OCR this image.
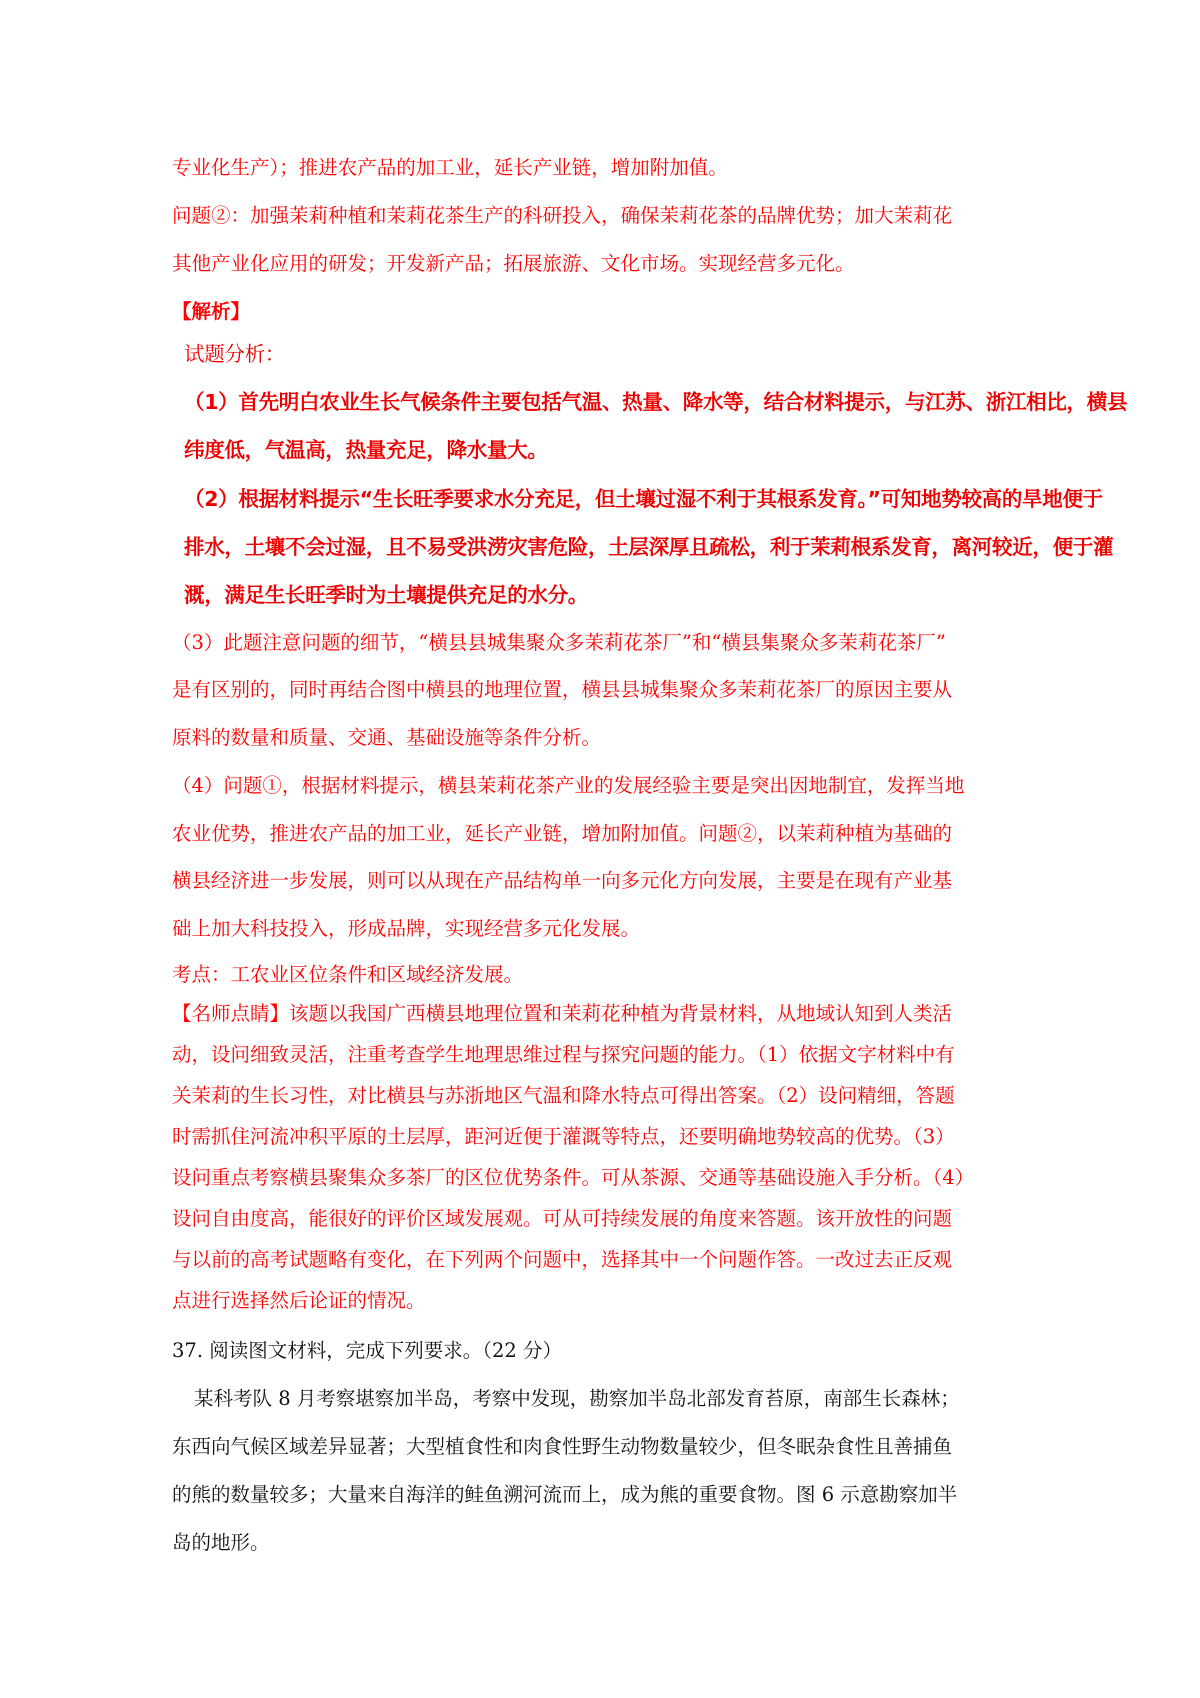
专业化生产）；推进农产品的加工业，延长产业链，增加附加值。
问题②：加强茉莉种植和茉莉花茶生产的科研投入，确保茉莉花茶的品牌优势；加大茉莉花
其他产业化应用的研发；开发新产品；拓展旅游、文化市场。实现经营多元化。
【解析】
试题分析：
（1）首先明白农业生长气候条件主要包括气温、热量、降水等，结合材料提示，与江苏、浙江相比，横县
纬度低，气温高，热量充足，降水量大。
（2）根据材料提示“生长旺季要求水分充足，但土壤过湿不利于其根系发育。”可知地势较高的旱地便于
排水，土壤不会过湿，且不易受洪涝灾害危险，土层深厚且疏松，利于茉莉根系发育，离河较近，便于灌
溉，满足生长旺季时为土壤提供充足的水分。
（3）此题注意问题的细节，“横县县城集聚众多茉莉花茶厂”和“横县集聚众多茉莉花茶厂”
是有区别的，同时再结合图中横县的地理位置，横县县城集聚众多茉莉花茶厂的原因主要从
原料的数量和质量、交通、基础设施等条件分析。
（4）问题①，根据材料提示，横县茉莉花茶产业的发展经验主要是突出因地制宜，发挥当地
农业优势，推进农产品的加工业，延长产业链，增加附加值。问题②，以茉莉种植为基础的
横县经济进一步发展，则可以从现在产品结构单一向多元化方向发展，主要是在现有产业基
础上加大科技投入，形成品牌，实现经营多元化发展。
考点：工农业区位条件和区域经济发展。
【名师点睛】该题以我国广西横县地理位置和茉莉花种植为背景材料，从地域认知到人类活
动，设问细致灵活，注重考查学生地理思维过程与探究问题的能力。（1）依据文字材料中有
关茉莉的生长习性，对比横县与苏浙地区气温和降水特点可得出答案。（2）设问精细，答题
时需抓住河流冲积平原的土层厚，距河近便于灌溉等特点，还要明确地势较高的优势。（3）
设问重点考察横县聚集众多茶厂的区位优势条件。可从茶源、交通等基础设施入手分析。（4）
设问自由度高，能很好的评价区域发展观。可从可持续发展的角度来答题。该开放性的问题
与以前的高考试题略有变化，在下列两个问题中，选择其中一个问题作答。一改过去正反观
点进行选择然后论证的情况。
37. 阅读图文材料，完成下列要求。（22 分）
某科考队 8 月考察堪察加半岛，考察中发现，勘察加半岛北部发育苔原，南部生长森林；
东西向气候区域差异显著；大型植食性和肉食性野生动物数量较少，但冬眠杂食性且善捕鱼
的熊的数量较多；大量来自海洋的鲑鱼溯河流而上，成为熊的重要食物。图 6 示意勘察加半
岛的地形。
